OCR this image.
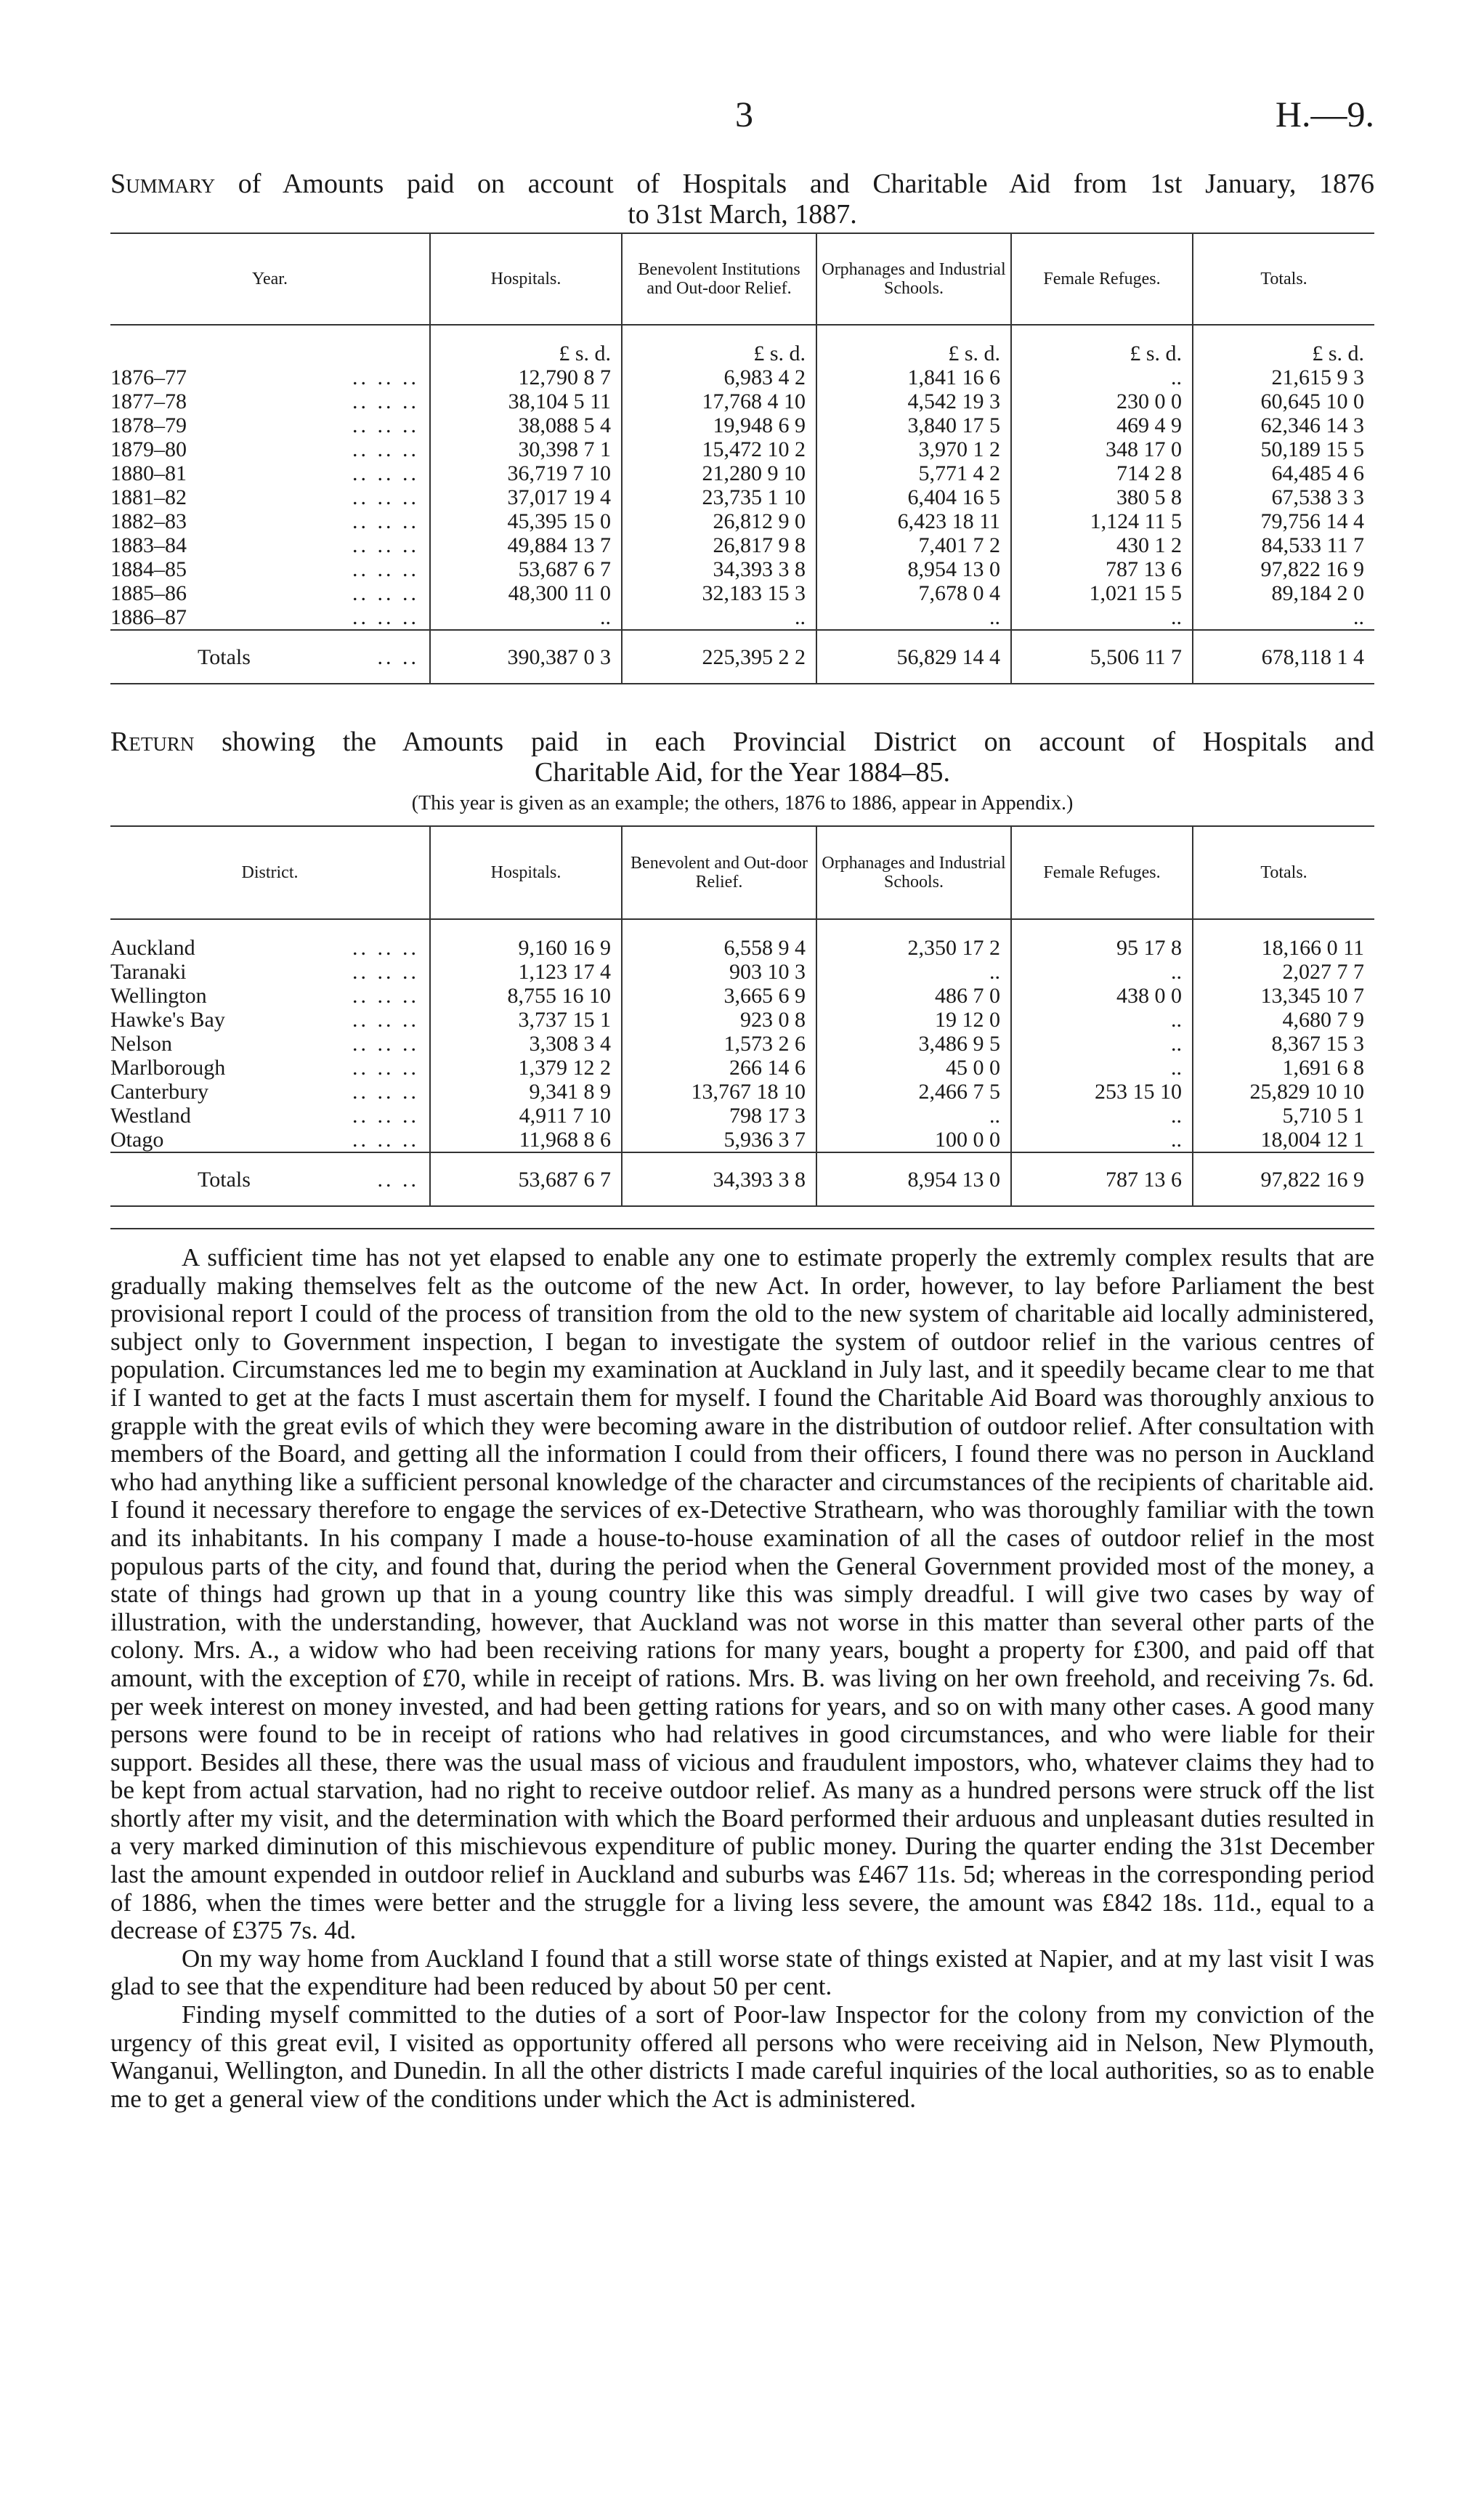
3	H.—9.
Summary of Amounts paid on account of Hospitals and Charitable Aid from 1st January, 1876
to 31st March, 1887.
Year.	Hospitals.	Benevolent Institutions and Out-door Relief.	Orphanages and Industrial Schools.	Female Refuges.	Totals.
	£ s. d.	£ s. d.	£ s. d.	£ s. d.	£ s. d.

1876–77 .. .. ..	12,790 8 7	6,983 4 2	1,841 16 6	..	21,615 9 3

1877–78 .. .. ..	38,104 5 11	17,768 4 10	4,542 19 3	230 0 0	60,645 10 0

1878–79 .. .. ..	38,088 5 4	19,948 6 9	3,840 17 5	469 4 9	62,346 14 3

1879–80 .. .. ..	30,398 7 1	15,472 10 2	3,970 1 2	348 17 0	50,189 15 5

1880–81 .. .. ..	36,719 7 10	21,280 9 10	5,771 4 2	714 2 8	64,485 4 6

1881–82 .. .. ..	37,017 19 4	23,735 1 10	6,404 16 5	380 5 8	67,538 3 3

1882–83 .. .. ..	45,395 15 0	26,812 9 0	6,423 18 11	1,124 11 5	79,756 14 4

1883–84 .. .. ..	49,884 13 7	26,817 9 8	7,401 7 2	430 1 2	84,533 11 7

1884–85 .. .. ..	53,687 6 7	34,393 3 8	8,954 13 0	787 13 6	97,822 16 9

1885–86 .. .. ..	48,300 11 0	32,183 15 3	7,678 0 4	1,021 15 5	89,184 2 0

1886–87 .. .. ..	..	..	..	..	..

Totals .. ..	390,387 0 3	225,395 2 2	56,829 14 4	5,506 11 7	678,118 1 4
Return showing the Amounts paid in each Provincial District on account of Hospitals and
Charitable Aid, for the Year 1884–85.
(This year is given as an example; the others, 1876 to 1886, appear in Appendix.)
District.	Hospitals.	Benevolent and Out-door Relief.	Orphanages and Industrial Schools.	Female Refuges.	Totals.

Auckland .. .. ..	9,160 16 9	6,558 9 4	2,350 17 2	95 17 8	18,166 0 11

Taranaki .. .. ..	1,123 17 4	903 10 3	..	..	2,027 7 7

Wellington .. .. ..	8,755 16 10	3,665 6 9	486 7 0	438 0 0	13,345 10 7

Hawke's Bay .. .. ..	3,737 15 1	923 0 8	19 12 0	..	4,680 7 9

Nelson .. .. ..	3,308 3 4	1,573 2 6	3,486 9 5	..	8,367 15 3

Marlborough .. .. ..	1,379 12 2	266 14 6	45 0 0	..	1,691 6 8

Canterbury .. .. ..	9,341 8 9	13,767 18 10	2,466 7 5	253 15 10	25,829 10 10

Westland .. .. ..	4,911 7 10	798 17 3	..	..	5,710 5 1

Otago .. .. ..	11,968 8 6	5,936 3 7	100 0 0	..	18,004 12 1

Totals .. ..	53,687 6 7	34,393 3 8	8,954 13 0	787 13 6	97,822 16 9

A sufficient time has not yet elapsed to enable any one to estimate properly the extremly complex results that are gradually making themselves felt as the outcome of the new Act. In order, however, to lay before Parliament the best provisional report I could of the process of transition from the old to the new system of charitable aid locally administered, subject only to Government inspection, I began to investigate the system of outdoor relief in the various centres of population. Circumstances led me to begin my examination at Auckland in July last, and it speedily became clear to me that if I wanted to get at the facts I must ascertain them for myself. I found the Charitable Aid Board was thoroughly anxious to grapple with the great evils of which they were becoming aware in the distribution of outdoor relief. After consultation with members of the Board, and getting all the information I could from their officers, I found there was no person in Auckland who had anything like a sufficient personal knowledge of the character and circumstances of the recipients of charitable aid. I found it necessary therefore to engage the services of ex-Detective Strathearn, who was thoroughly familiar with the town and its inhabitants. In his company I made a house-to-house examination of all the cases of outdoor relief in the most populous parts of the city, and found that, during the period when the General Government provided most of the money, a state of things had grown up that in a young country like this was simply dreadful. I will give two cases by way of illustration, with the understanding, however, that Auckland was not worse in this matter than several other parts of the colony. Mrs. A., a widow who had been receiving rations for many years, bought a property for £300, and paid off that amount, with the exception of £70, while in receipt of rations. Mrs. B. was living on her own freehold, and receiving 7s. 6d. per week interest on money invested, and had been getting rations for years, and so on with many other cases. A good many persons were found to be in receipt of rations who had relatives in good circumstances, and who were liable for their support. Besides all these, there was the usual mass of vicious and fraudulent impostors, who, whatever claims they had to be kept from actual starvation, had no right to receive outdoor relief. As many as a hundred persons were struck off the list shortly after my visit, and the determination with which the Board performed their arduous and unpleasant duties resulted in a very marked diminution of this mischievous expenditure of public money. During the quarter ending the 31st December last the amount expended in outdoor relief in Auckland and suburbs was £467 11s. 5d; whereas in the corresponding period of 1886, when the times were better and the struggle for a living less severe, the amount was £842 18s. 11d., equal to a decrease of £375 7s. 4d.

On my way home from Auckland I found that a still worse state of things existed at Napier, and at my last visit I was glad to see that the expenditure had been reduced by about 50 per cent.

Finding myself committed to the duties of a sort of Poor-law Inspector for the colony from my conviction of the urgency of this great evil, I visited as opportunity offered all persons who were receiving aid in Nelson, New Plymouth, Wanganui, Wellington, and Dunedin. In all the other districts I made careful inquiries of the local authorities, so as to enable me to get a general view of the conditions under which the Act is administered.
